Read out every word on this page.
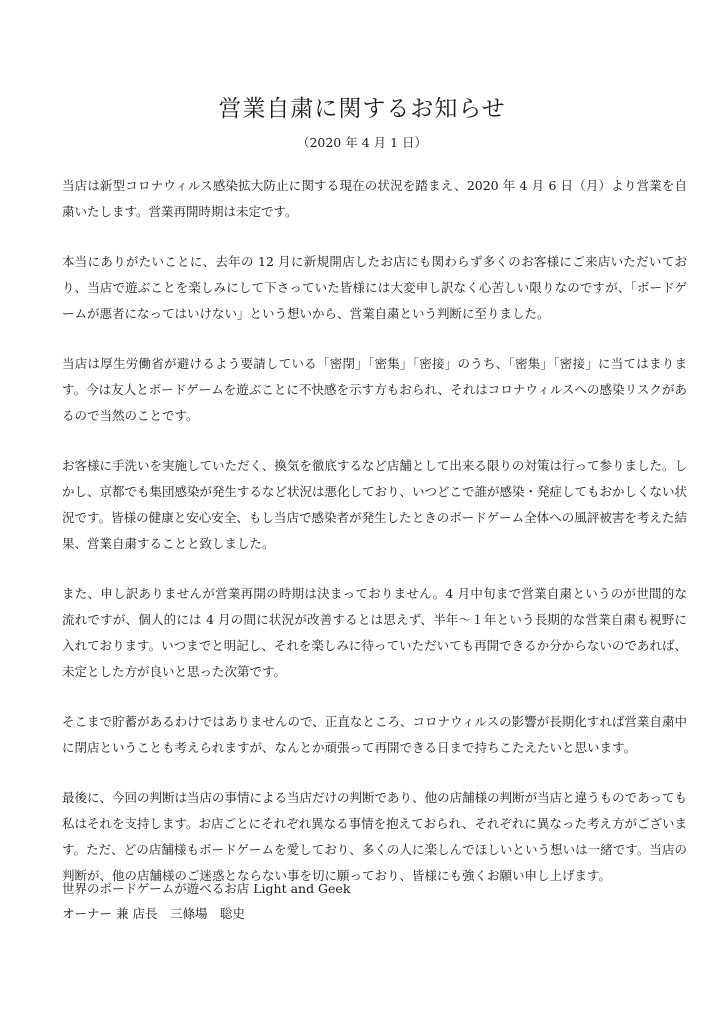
営業自粛に関するお知らせ
（2020 年 4 月 1 日）

当店は新型コロナウィルス感染拡大防止に関する現在の状況を踏まえ、2020 年 4 月 6 日（月）より営業を自粛いたします。営業再開時期は未定です。

本当にありがたいことに、去年の 12 月に新規開店したお店にも関わらず多くのお客様にご来店いただいており、当店で遊ぶことを楽しみにして下さっていた皆様には大変申し訳なく心苦しい限りなのですが、「ボードゲームが悪者になってはいけない」という想いから、営業自粛という判断に至りました。

当店は厚生労働省が避けるよう要請している「密閉」「密集」「密接」のうち、「密集」「密接」に当てはまります。今は友人とボードゲームを遊ぶことに不快感を示す方もおられ、それはコロナウィルスへの感染リスクがあるので当然のことです。

お客様に手洗いを実施していただく、換気を徹底するなど店舗として出来る限りの対策は行って参りました。しかし、京都でも集団感染が発生するなど状況は悪化しており、いつどこで誰が感染・発症してもおかしくない状況です。皆様の健康と安心安全、もし当店で感染者が発生したときのボードゲーム全体への風評被害を考えた結果、営業自粛することと致しました。

また、申し訳ありませんが営業再開の時期は決まっておりません。4 月中旬まで営業自粛というのが世間的な流れですが、個人的には 4 月の間に状況が改善するとは思えず、半年～１年という長期的な営業自粛も視野に入れております。いつまでと明記し、それを楽しみに待っていただいても再開できるか分からないのであれば、未定とした方が良いと思った次第です。

そこまで貯蓄があるわけではありませんので、正直なところ、コロナウィルスの影響が長期化すれば営業自粛中に閉店ということも考えられますが、なんとか頑張って再開できる日まで持ちこたえたいと思います。

最後に、今回の判断は当店の事情による当店だけの判断であり、他の店舗様の判断が当店と違うものであっても私はそれを支持します。お店ごとにそれぞれ異なる事情を抱えておられ、それぞれに異なった考え方がございます。ただ、どの店舗様もボードゲームを愛しており、多くの人に楽しんでほしいという想いは一緒です。当店の判断が、他の店舗様のご迷惑とならない事を切に願っており、皆様にも強くお願い申し上げます。

世界のボードゲームが遊べるお店 Light and Geek

オーナー 兼 店長　三條場　聡史
